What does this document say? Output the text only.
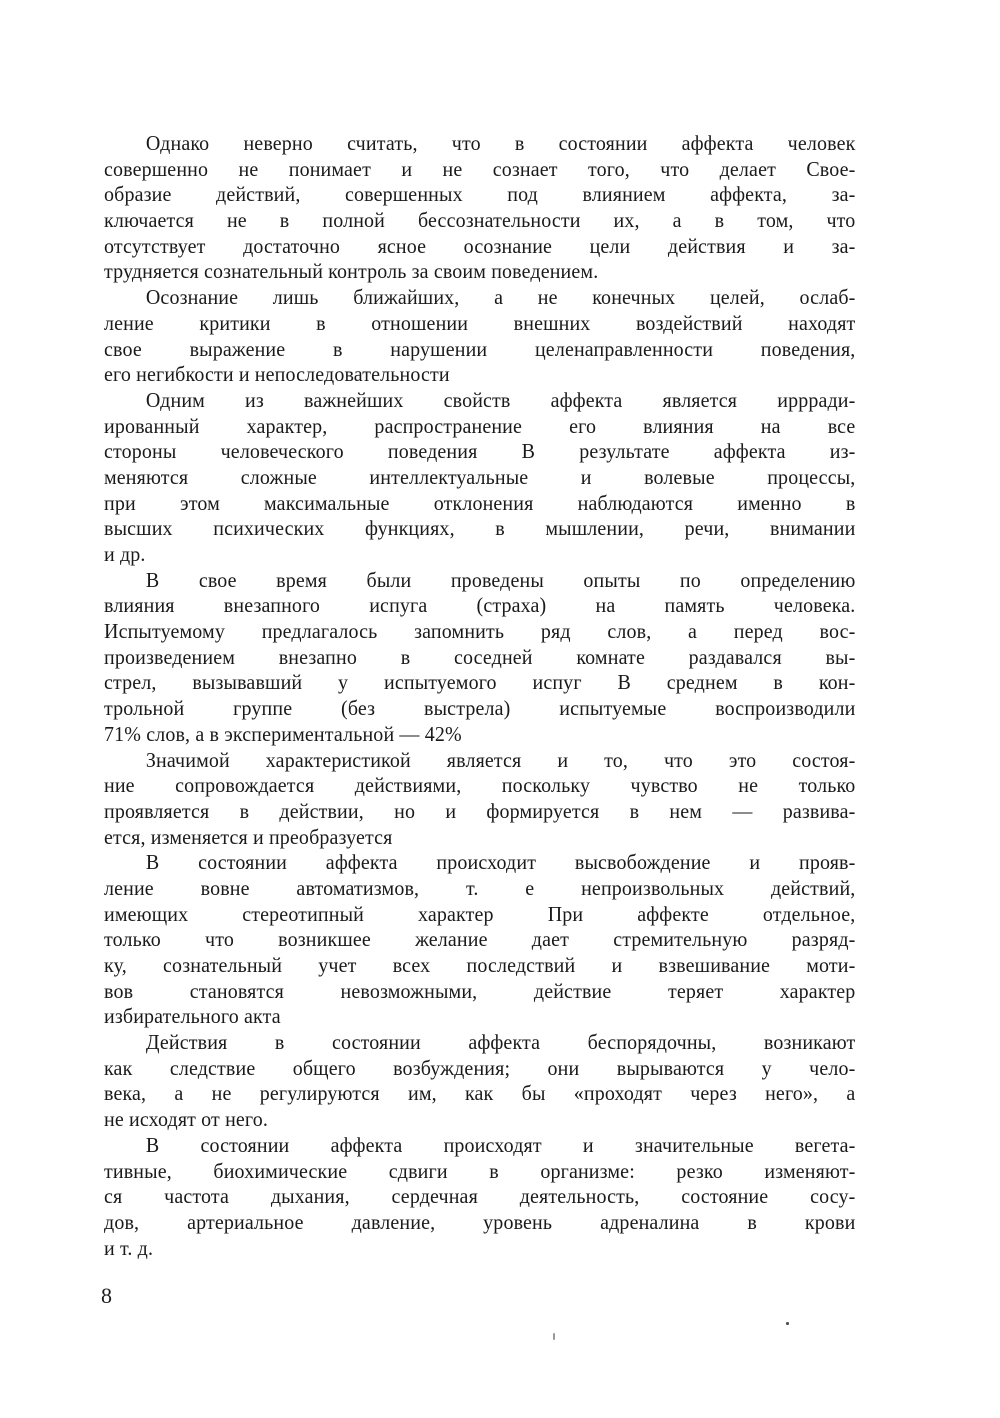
Однако неверно считать, что в состоянии аффекта человек
совершенно не понимает и не сознает того, что делает Свое-
образие действий, совершенных под влиянием аффекта, за-
ключается не в полной бессознательности их, а в том, что
отсутствует достаточно ясное осознание цели действия и за-
трудняется сознательный контроль за своим поведением.
Осознание лишь ближайших, а не конечных целей, ослаб-
ление критики в отношении внешних воздействий находят
свое выражение в нарушении целенаправленности поведения,
его негибкости и непоследовательности
Одним из важнейших свойств аффекта является иррради-
ированный характер, распространение его влияния на все
стороны человеческого поведения В результате аффекта из-
меняются сложные интеллектуальные и волевые процессы,
при этом максимальные отклонения наблюдаются именно в
высших психических функциях, в мышлении, речи, внимании
и др.
В свое время были проведены опыты по определению
влияния внезапного испуга (страха) на память человека.
Испытуемому предлагалось запомнить ряд слов, а перед вос-
произведением внезапно в соседней комнате раздавался вы-
стрел, вызывавший у испытуемого испуг В среднем в кон-
трольной группе (без выстрела) испытуемые воспроизводили
71% слов, а в экспериментальной — 42%
Значимой характеристикой является и то, что это состоя-
ние сопровождается действиями, поскольку чувство не только
проявляется в действии, но и формируется в нем — развива-
ется, изменяется и преобразуется
В состоянии аффекта происходит высвобождение и прояв-
ление вовне автоматизмов, т. е непроизвольных действий,
имеющих стереотипный характер При аффекте отдельное,
только что возникшее желание дает стремительную разряд-
ку, сознательный учет всех последствий и взвешивание моти-
вов становятся невозможными, действие теряет характер
избирательного акта
Действия в состоянии аффекта беспорядочны, возникают
как следствие общего возбуждения; они вырываются у чело-
века, а не регулируются им, как бы «проходят через него», а
не исходят от него.
В состоянии аффекта происходят и значительные вегета-
тивные, биохимические сдвиги в организме: резко изменяют-
ся частота дыхания, сердечная деятельность, состояние сосу-
дов, артериальное давление, уровень адреналина в крови
и т. д.
8
